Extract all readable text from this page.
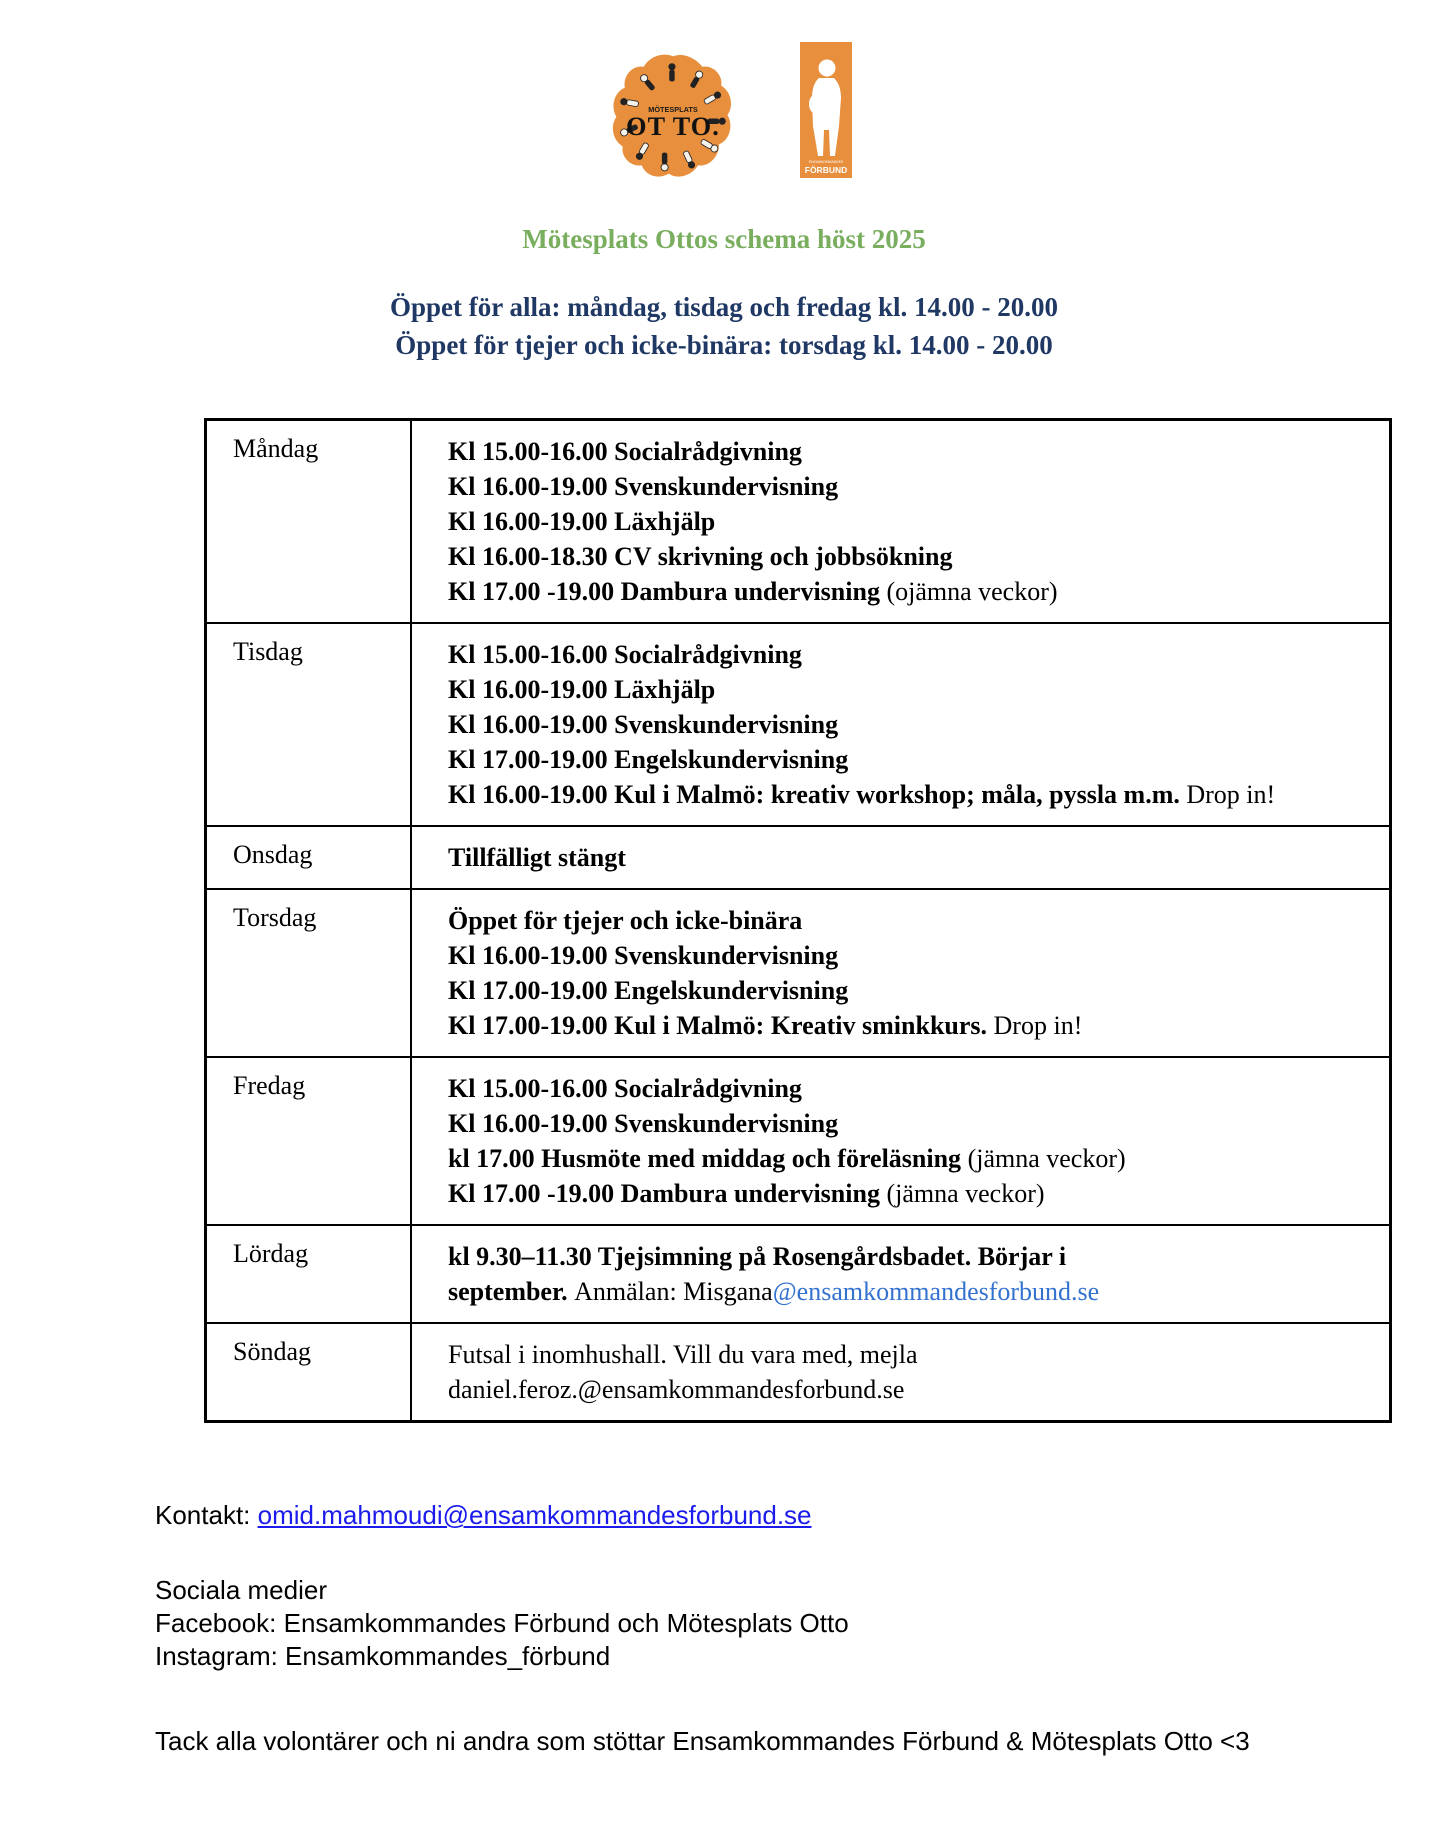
MÖTESPLATS
OT TO.
ENSAMKOMMANDES
FÖRBUND
Mötesplats Ottos schema höst 2025
Öppet för alla: måndag, tisdag och fredag kl. 14.00 - 20.00
Öppet för tjejer och icke-binära: torsdag kl. 14.00 - 20.00
Måndag	Kl 15.00-16.00 Socialrådgivning
Kl 16.00-19.00 Svenskundervisning
Kl 16.00-19.00 Läxhjälp
Kl 16.00-18.30 CV skrivning och jobbsökning
Kl 17.00 -19.00 Dambura undervisning (ojämna veckor)

Tisdag	Kl 15.00-16.00 Socialrådgivning
Kl 16.00-19.00 Läxhjälp
Kl 16.00-19.00 Svenskundervisning
Kl 17.00-19.00 Engelskundervisning
Kl 16.00-19.00 Kul i Malmö: kreativ workshop; måla, pyssla m.m. Drop in!

Onsdag	Tillfälligt stängt

Torsdag	Öppet för tjejer och icke-binära
Kl 16.00-19.00 Svenskundervisning
Kl 17.00-19.00 Engelskundervisning
Kl 17.00-19.00 Kul i Malmö: Kreativ sminkkurs. Drop in!

Fredag	Kl 15.00-16.00 Socialrådgivning
Kl 16.00-19.00 Svenskundervisning
kl 17.00 Husmöte med middag och föreläsning (jämna veckor)
Kl 17.00 -19.00 Dambura undervisning (jämna veckor)

Lördag	kl 9.30–11.30 Tjejsimning på Rosengårdsbadet. Börjar i
september. Anmälan: Misgana@ensamkommandesforbund.se

Söndag	Futsal i inomhushall. Vill du vara med, mejla
daniel.feroz.@ensamkommandesforbund.se
Kontakt: omid.mahmoudi@ensamkommandesforbund.se
Sociala medier
Facebook: Ensamkommandes Förbund och Mötesplats Otto
Instagram: Ensamkommandes_förbund
Tack alla volontärer och ni andra som stöttar Ensamkommandes Förbund & Mötesplats Otto <3
